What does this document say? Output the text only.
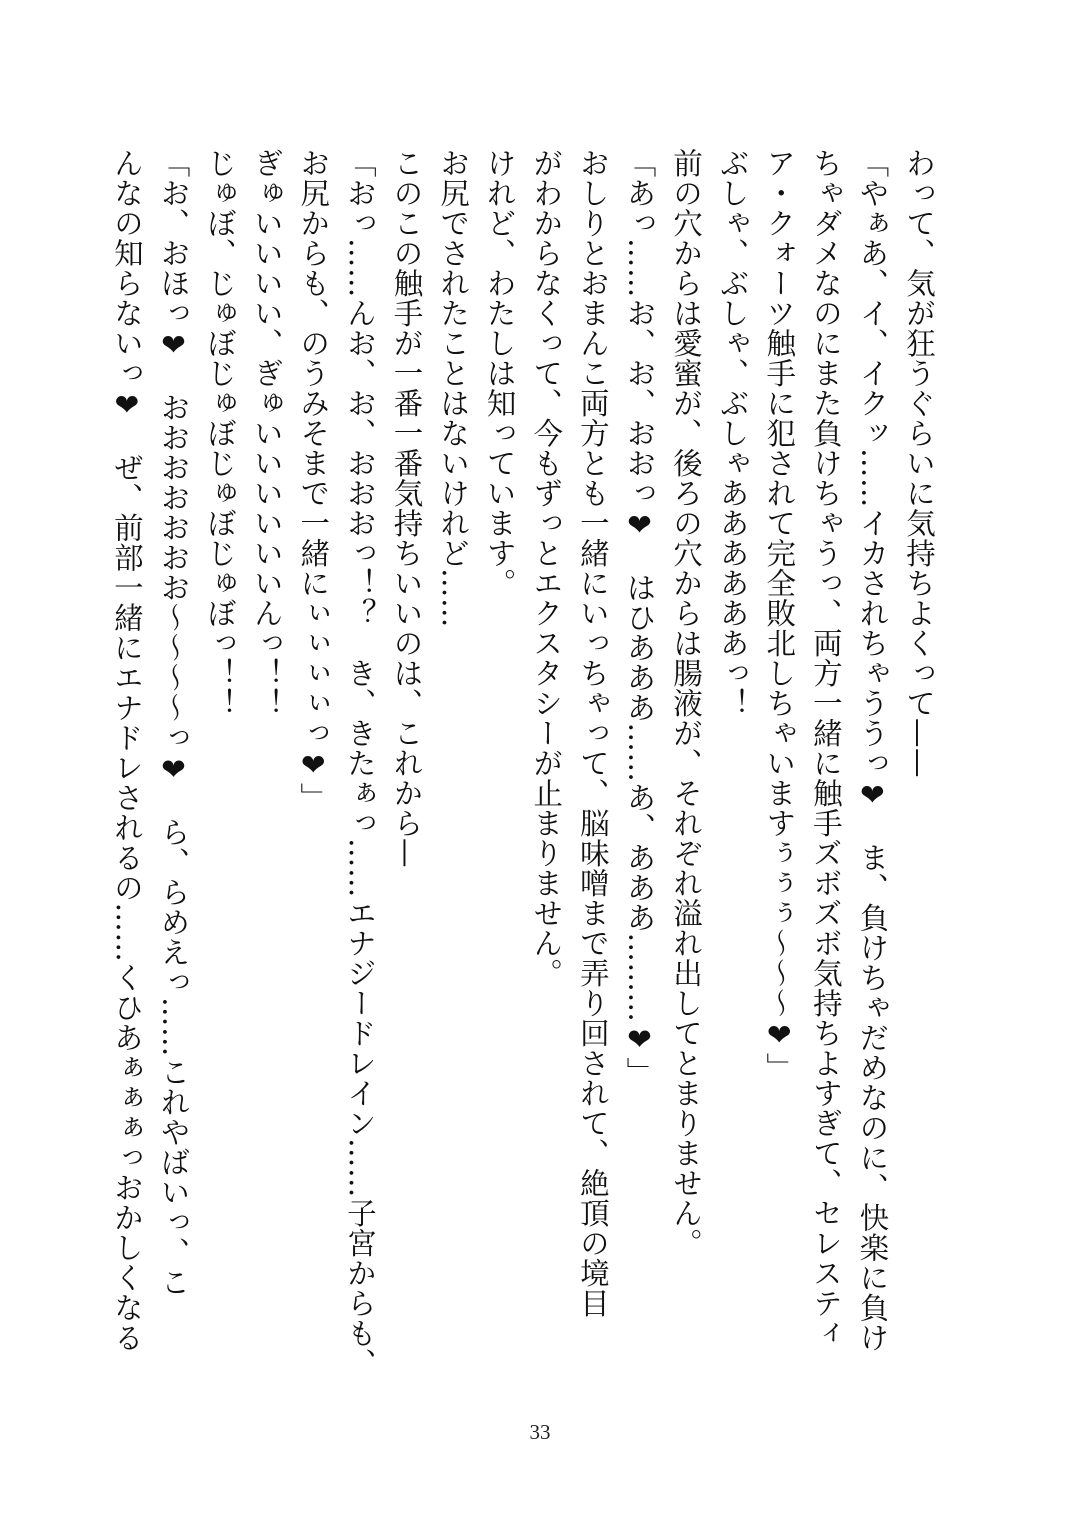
わって、気が狂うぐらいに気持ちよくって——
「やぁあ、イ、イクッ……イカされちゃううっ❤　ま、負けちゃだめなのに、快楽に負け
ちゃダメなのにまた負けちゃうっ、両方一緒に触手ズボズボ気持ちよすぎて、セレスティ
ア・クォーツ触手に犯されて完全敗北しちゃいますぅぅぅ〜〜〜❤」
ぶしゃ、ぶしゃ、ぶしゃああああああっ！
前の穴からは愛蜜が、後ろの穴からは腸液が、それぞれ溢れ出してとまりません。
「あっ……お、お、おおっ❤　はひあああ……あ、あああ………❤」
おしりとおまんこ両方とも一緒にいっちゃって、脳味噌まで弄り回されて、絶頂の境目
がわからなくって、今もずっとエクスタシーが止まりません。
けれど、わたしは知っています。
お尻でされたことはないけれど……
このこの触手が一番一番気持ちいいのは、これから—
「おっ……んお、お、おおおっ！？　き、きたぁっ……エナジードレイン……子宮からも、
お尻からも、のうみそまで一緒にぃぃぃぃっ❤」
ぎゅいいいい、ぎゅいいいいいいんっ！！
じゅぼ、じゅぼじゅぼじゅぼじゅぼっ！！
「お、おほっ❤　おおおおおおお〜〜〜〜っ❤　ら、らめえっ……これやばいっ、こ
んなの知らないっ❤　ぜ、前部一緒にエナドレされるの……くひあぁぁぁっおかしくなる
33
